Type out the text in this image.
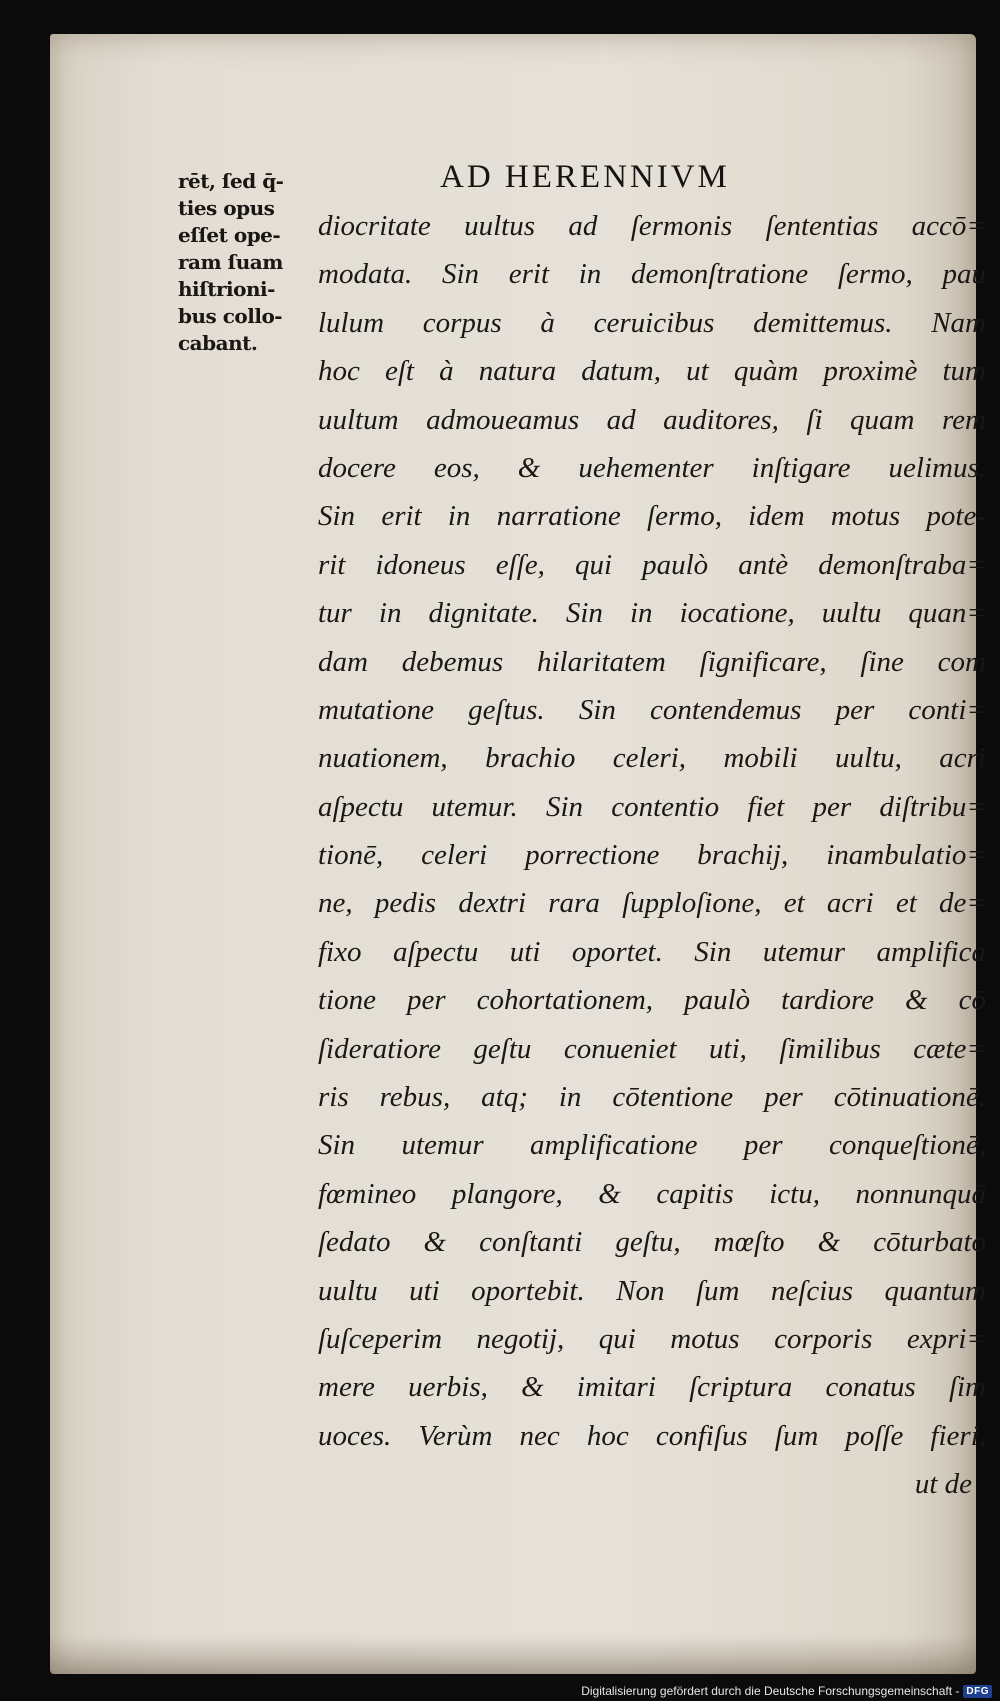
AD HERENNIVM
rēt, ſed q̄-
ties opus
eſſet ope-
ram ſuam
hiſtrioni-
bus collo-
cabant.
diocritate uultus ad ſermonis ſententias accō=
modata. Sin erit in demonſtratione ſermo, pau
lulum corpus à ceruicibus demittemus. Nam
hoc eſt à natura datum, ut quàm proximè tum
uultum admoueamus ad auditores, ſi quam rem
docere eos, & uehementer inſtigare uelimus.
Sin erit in narratione ſermo, idem motus pote-
rit idoneus eſſe, qui paulò antè demonſtraba=
tur in dignitate. Sin in iocatione, uultu quan=
dam debemus hilaritatem ſignificare, ſine com
mutatione geſtus. Sin contendemus per conti=
nuationem, brachio celeri, mobili uultu, acri
aſpectu utemur. Sin contentio fiet per diſtribu=
tionē, celeri porrectione brachij, inambulatio=
ne, pedis dextri rara ſupploſione, et acri et de=
fixo aſpectu uti oportet. Sin utemur amplifica
tione per cohortationem, paulò tardiore & cō
ſideratiore geſtu conueniet uti, ſimilibus cæte=
ris rebus, atq; in cōtentione per cōtinuationē.
Sin utemur amplificatione per conqueſtionē,
fœmineo plangore, & capitis ictu, nonnunquā
ſedato & conſtanti geſtu, mœſto & cōturbato
uultu uti oportebit. Non ſum neſcius quantum
ſuſceperim negotij, qui motus corporis expri=
mere uerbis, & imitari ſcriptura conatus ſim
uoces. Verùm nec hoc confiſus ſum poſſe fieri,
ut de
Digitalisierung gefördert durch die Deutsche Forschungsgemeinschaft - DFG
